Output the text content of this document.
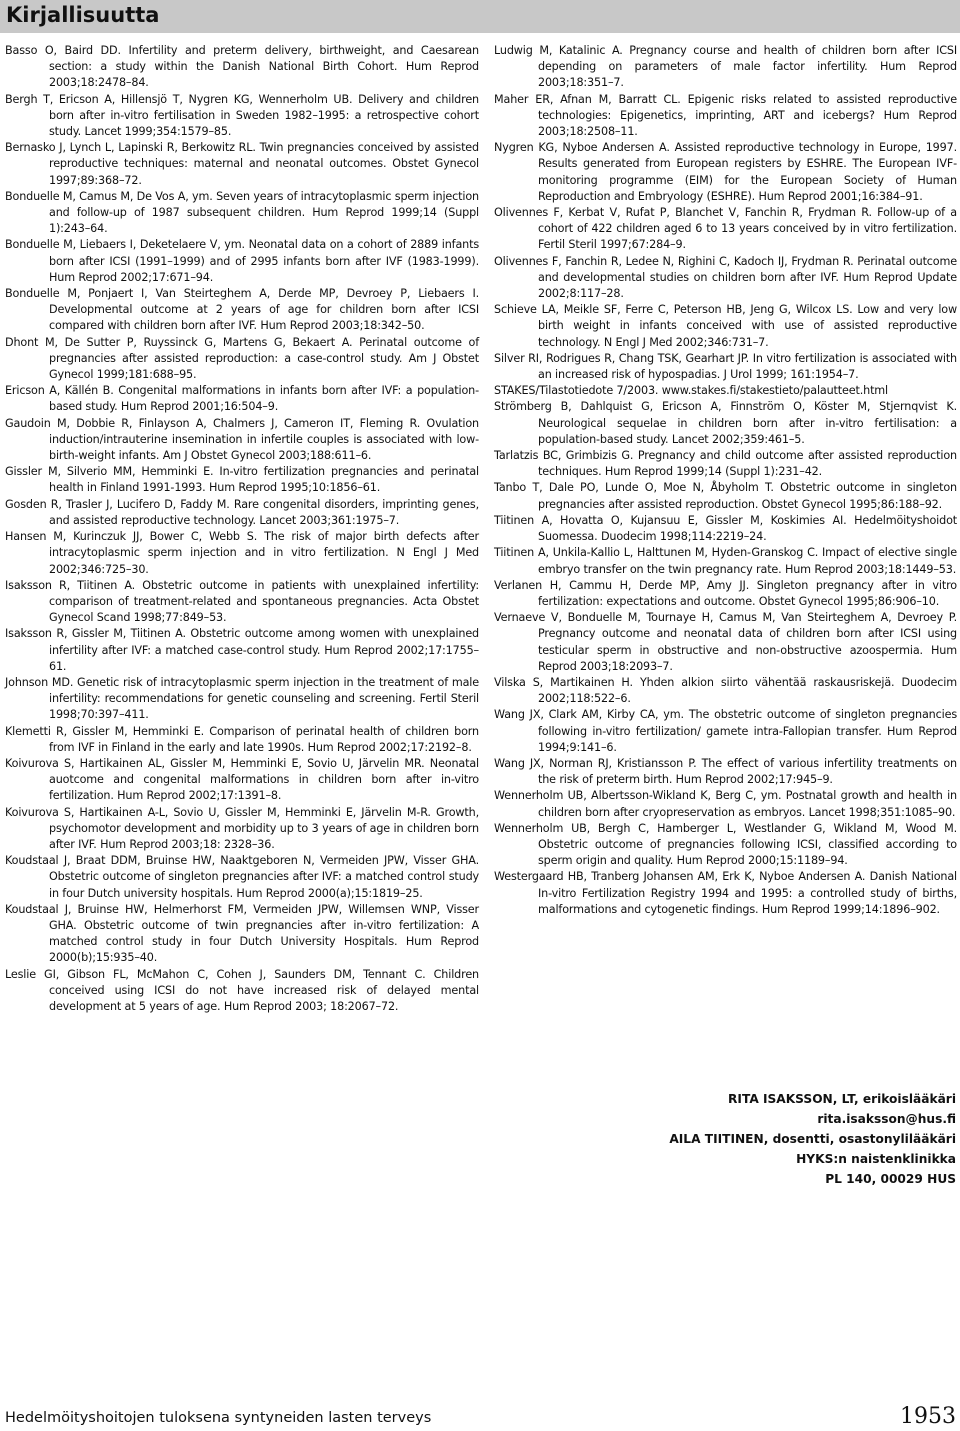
Kirjallisuutta

Basso O, Baird DD. Infertility and preterm delivery, birthweight, and Caesarean section: a study within the Danish National Birth Cohort. Hum Reprod 2003;18:2478–84.

Bergh T, Ericson A, Hillensjö T, Nygren KG, Wennerholm UB. Delivery and children born after in-vitro fertilisation in Sweden 1982–1995: a retrospective cohort study. Lancet 1999;354:1579–85.

Bernasko J, Lynch L, Lapinski R, Berkowitz RL. Twin pregnancies conceived by assisted reproductive techniques: maternal and neonatal outcomes. Obstet Gynecol 1997;89:368–72.

Bonduelle M, Camus M, De Vos A, ym. Seven years of intracytoplasmic sperm injection and follow-up of 1987 subsequent children. Hum Reprod 1999;14 (Suppl 1):243–64.

Bonduelle M, Liebaers I, Deketelaere V, ym. Neonatal data on a cohort of 2889 infants born after ICSI (1991–1999) and of 2995 infants born after IVF (1983-1999). Hum Reprod 2002;17:671–94.

Bonduelle M, Ponjaert I, Van Steirteghem A, Derde MP, Devroey P, Liebaers I. Developmental outcome at 2 years of age for children born after ICSI compared with children born after IVF. Hum Reprod 2003;18:342–50.

Dhont M, De Sutter P, Ruyssinck G, Martens G, Bekaert A. Perinatal outcome of pregnancies after assisted reproduction: a case-control study. Am J Obstet Gynecol 1999;181:688–95.

Ericson A, Källén B. Congenital malformations in infants born after IVF: a population-based study. Hum Reprod 2001;16:504–9.

Gaudoin M, Dobbie R, Finlayson A, Chalmers J, Cameron IT, Fleming R. Ovulation induction/intrauterine insemination in infertile couples is associated with low-birth-weight infants. Am J Obstet Gynecol 2003;188:611–6.

Gissler M, Silverio MM, Hemminki E. In-vitro fertilization pregnancies and perinatal health in Finland 1991-1993. Hum Reprod 1995;10:1856–61.

Gosden R, Trasler J, Lucifero D, Faddy M. Rare congenital disorders, imprinting genes, and assisted reproductive technology. Lancet 2003;361:1975–7.

Hansen M, Kurinczuk JJ, Bower C, Webb S. The risk of major birth defects after intracytoplasmic sperm injection and in vitro fertilization. N Engl J Med 2002;346:725–30.

Isaksson R, Tiitinen A. Obstetric outcome in patients with unexplained infertility: comparison of treatment-related and spontaneous pregnancies. Acta Obstet Gynecol Scand 1998;77:849–53.

Isaksson R, Gissler M, Tiitinen A. Obstetric outcome among women with unexplained infertility after IVF: a matched case-control study. Hum Reprod 2002;17:1755–61.

Johnson MD. Genetic risk of intracytoplasmic sperm injection in the treatment of male infertility: recommendations for genetic counseling and screening. Fertil Steril 1998;70:397–411.

Klemetti R, Gissler M, Hemminki E. Comparison of perinatal health of children born from IVF in Finland in the early and late 1990s. Hum Reprod 2002;17:2192–8.

Koivurova S, Hartikainen AL, Gissler M, Hemminki E, Sovio U, Järvelin MR. Neonatal auotcome and congenital malformations in children born after in-vitro fertilization. Hum Reprod 2002;17:1391–8.

Koivurova S, Hartikainen A-L, Sovio U, Gissler M, Hemminki E, Järvelin M-R. Growth, psychomotor development and morbidity up to 3 years of age in children born after IVF. Hum Reprod 2003;18: 2328–36.

Koudstaal J, Braat DDM, Bruinse HW, Naaktgeboren N, Vermeiden JPW, Visser GHA. Obstetric outcome of singleton pregnancies after IVF: a matched control study in four Dutch university hospitals. Hum Reprod 2000(a);15:1819–25.

Koudstaal J, Bruinse HW, Helmerhorst FM, Vermeiden JPW, Willemsen WNP, Visser GHA. Obstetric outcome of twin pregnancies after in-vitro fertilization: A matched control study in four Dutch University Hospitals. Hum Reprod 2000(b);15:935–40.

Leslie GI, Gibson FL, McMahon C, Cohen J, Saunders DM, Tennant C. Children conceived using ICSI do not have increased risk of delayed mental development at 5 years of age. Hum Reprod 2003; 18:2067–72.

Ludwig M, Katalinic A. Pregnancy course and health of children born after ICSI depending on parameters of male factor infertility. Hum Reprod 2003;18:351–7.

Maher ER, Afnan M, Barratt CL. Epigenic risks related to assisted reproductive technologies: Epigenetics, imprinting, ART and icebergs? Hum Reprod 2003;18:2508–11.

Nygren KG, Nyboe Andersen A. Assisted reproductive technology in Europe, 1997. Results generated from European registers by ESHRE. The European IVF-monitoring programme (EIM) for the European Society of Human Reproduction and Embryology (ESHRE). Hum Reprod 2001;16:384–91.

Olivennes F, Kerbat V, Rufat P, Blanchet V, Fanchin R, Frydman R. Follow-up of a cohort of 422 children aged 6 to 13 years conceived by in vitro fertilization. Fertil Steril 1997;67:284–9.

Olivennes F, Fanchin R, Ledee N, Righini C, Kadoch IJ, Frydman R. Perinatal outcome and developmental studies on children born after IVF. Hum Reprod Update 2002;8:117–28.

Schieve LA, Meikle SF, Ferre C, Peterson HB, Jeng G, Wilcox LS. Low and very low birth weight in infants conceived with use of assisted reproductive technology. N Engl J Med 2002;346:731–7.

Silver RI, Rodrigues R, Chang TSK, Gearhart JP. In vitro fertilization is associated with an increased risk of hypospadias. J Urol 1999; 161:1954–7.

STAKES/Tilastotiedote 7/2003. www.stakes.fi/stakestieto/palautteet.html

Strömberg B, Dahlquist G, Ericson A, Finnström O, Köster M, Stjernqvist K. Neurological sequelae in children born after in-vitro fertilisation: a population-based study. Lancet 2002;359:461–5.

Tarlatzis BC, Grimbizis G. Pregnancy and child outcome after assisted reproduction techniques. Hum Reprod 1999;14 (Suppl 1):231–42.

Tanbo T, Dale PO, Lunde O, Moe N, Åbyholm T. Obstetric outcome in singleton pregnancies after assisted reproduction. Obstet Gynecol 1995;86:188–92.

Tiitinen A, Hovatta O, Kujansuu E, Gissler M, Koskimies AI. Hedelmöityshoidot Suomessa. Duodecim 1998;114:2219–24.

Tiitinen A, Unkila-Kallio L, Halttunen M, Hyden-Granskog C. Impact of elective single embryo transfer on the twin pregnancy rate. Hum Reprod 2003;18:1449–53.

Verlanen H, Cammu H, Derde MP, Amy JJ. Singleton pregnancy after in vitro fertilization: expectations and outcome. Obstet Gynecol 1995;86:906–10.

Vernaeve V, Bonduelle M, Tournaye H, Camus M, Van Steirteghem A, Devroey P. Pregnancy outcome and neonatal data of children born after ICSI using testicular sperm in obstructive and non-obstructive azoospermia. Hum Reprod 2003;18:2093–7.

Vilska S, Martikainen H. Yhden alkion siirto vähentää raskausriskejä. Duodecim 2002;118:522–6.

Wang JX, Clark AM, Kirby CA, ym. The obstetric outcome of singleton pregnancies following in-vitro fertilization/ gamete intra-Fallopian transfer. Hum Reprod 1994;9:141–6.

Wang JX, Norman RJ, Kristiansson P. The effect of various infertility treatments on the risk of preterm birth. Hum Reprod 2002;17:945–9.

Wennerholm UB, Albertsson-Wikland K, Berg C, ym. Postnatal growth and health in children born after cryopreservation as embryos. Lancet 1998;351:1085–90.

Wennerholm UB, Bergh C, Hamberger L, Westlander G, Wikland M, Wood M. Obstetric outcome of pregnancies following ICSI, classified according to sperm origin and quality. Hum Reprod 2000;15:1189–94.

Westergaard HB, Tranberg Johansen AM, Erk K, Nyboe Andersen A. Danish National In-vitro Fertilization Registry 1994 and 1995: a controlled study of births, malformations and cytogenetic findings. Hum Reprod 1999;14:1896–902.

RITA ISAKSSON, LT, erikoislääkäri
rita.isaksson@hus.fi
AILA TIITINEN, dosentti, osastonylilääkäri
HYKS:n naistenklinikka
PL 140, 00029 HUS
Hedelmöityshoitojen tuloksena syntyneiden lasten terveys	1953
